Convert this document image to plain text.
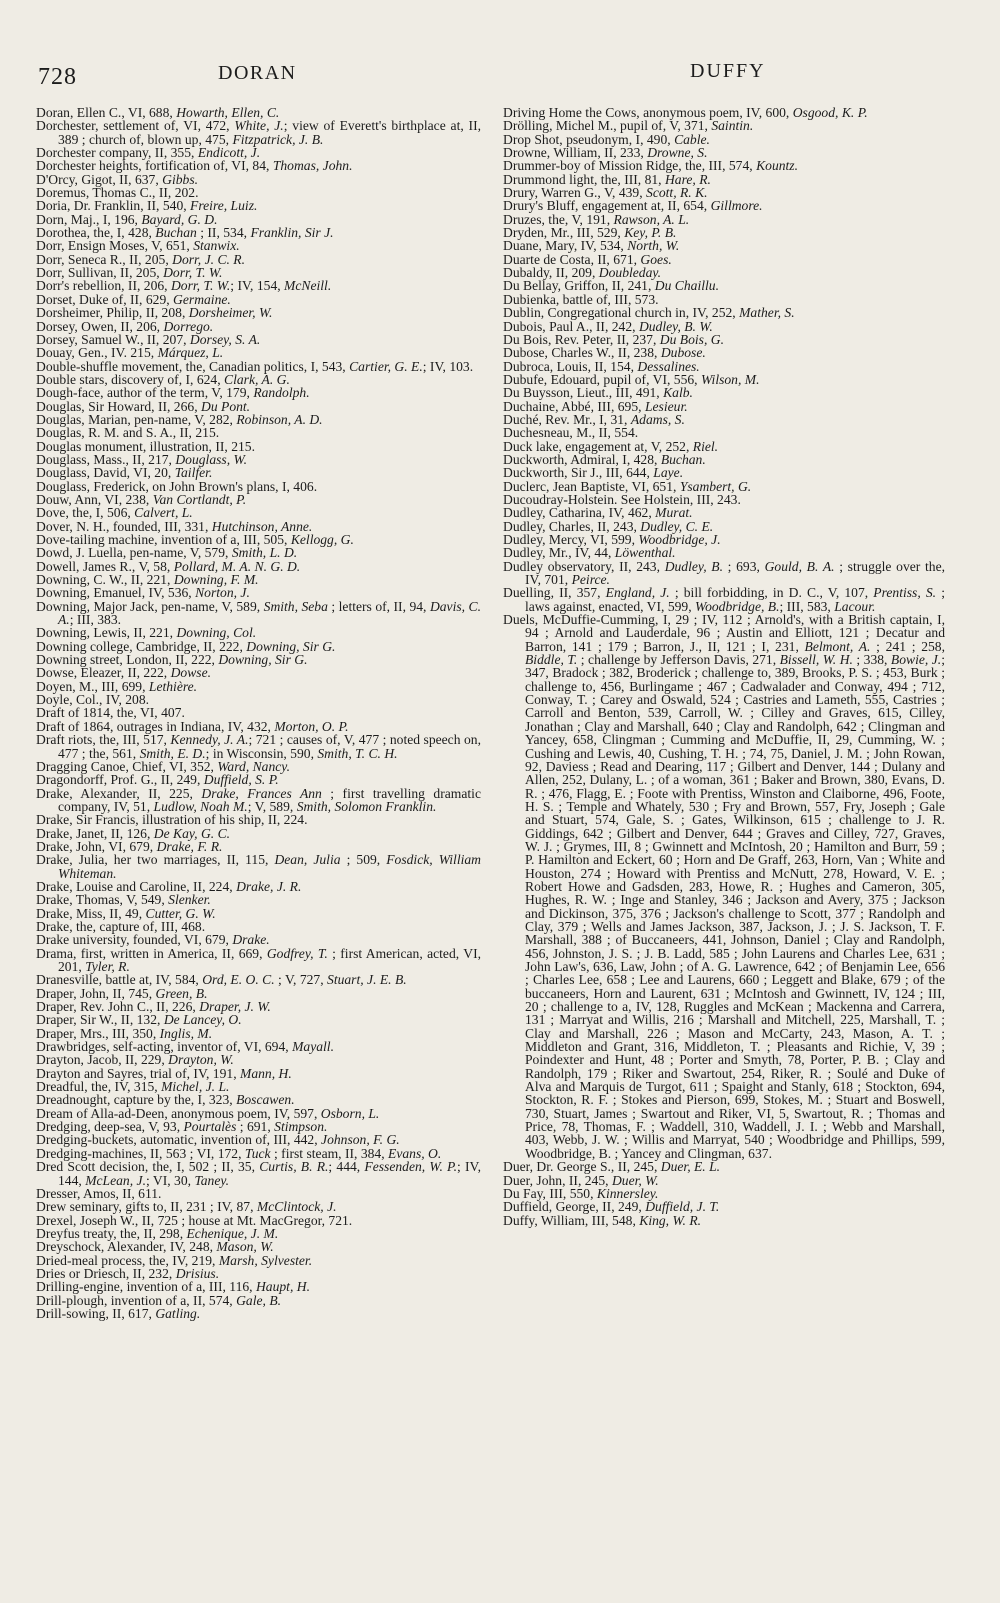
728	DORAN	DUFFY
Doran, Ellen C., VI, 688, Howarth, Ellen, C.
Dorchester, settlement of, VI, 472, White, J.; view of Everett's birthplace at, II, 389 ; church of, blown up, 475, Fitzpatrick, J. B.
Dorchester company, II, 355, Endicott, J.
Dorchester heights, fortification of, VI, 84, Thomas, John.
D'Orcy, Gigot, II, 637, Gibbs.
Doremus, Thomas C., II, 202.
Doria, Dr. Franklin, II, 540, Freire, Luiz.
Dorn, Maj., I, 196, Bayard, G. D.
Dorothea, the, I, 428, Buchan ; II, 534, Franklin, Sir J.
Dorr, Ensign Moses, V, 651, Stanwix.
Dorr, Seneca R., II, 205, Dorr, J. C. R.
Dorr, Sullivan, II, 205, Dorr, T. W.
Dorr's rebellion, II, 206, Dorr, T. W.; IV, 154, McNeill.
Dorset, Duke of, II, 629, Germaine.
Dorsheimer, Philip, II, 208, Dorsheimer, W.
Dorsey, Owen, II, 206, Dorrego.
Dorsey, Samuel W., II, 207, Dorsey, S. A.
Douay, Gen., IV. 215, Márquez, L.
Double-shuffle movement, the, Canadian politics, I, 543, Cartier, G. E.; IV, 103.
Double stars, discovery of, I, 624, Clark, A. G.
Dough-face, author of the term, V, 179, Randolph.
Douglas, Sir Howard, II, 266, Du Pont.
Douglas, Marian, pen-name, V, 282, Robinson, A. D.
Douglas, R. M. and S. A., II, 215.
Douglas monument, illustration, II, 215.
Douglass, Mass., II, 217, Douglass, W.
Douglass, David, VI, 20, Tailfer.
Douglass, Frederick, on John Brown's plans, I, 406.
Douw, Ann, VI, 238, Van Cortlandt, P.
Dove, the, I, 506, Calvert, L.
Dover, N. H., founded, III, 331, Hutchinson, Anne.
Dove-tailing machine, invention of a, III, 505, Kellogg, G.
Dowd, J. Luella, pen-name, V, 579, Smith, L. D.
Dowell, James R., V, 58, Pollard, M. A. N. G. D.
Downing, C. W., II, 221, Downing, F. M.
Downing, Emanuel, IV, 536, Norton, J.
Downing, Major Jack, pen-name, V, 589, Smith, Seba ; letters of, II, 94, Davis, C. A.; III, 383.
Downing, Lewis, II, 221, Downing, Col.
Downing college, Cambridge, II, 222, Downing, Sir G.
Downing street, London, II, 222, Downing, Sir G.
Dowse, Eleazer, II, 222, Dowse.
Doyen, M., III, 699, Lethière.
Doyle, Col., IV, 208.
Draft of 1814, the, VI, 407.
Draft of 1864, outrages in Indiana, IV, 432, Morton, O. P.
Draft riots, the, III, 517, Kennedy, J. A.; 721 ; causes of, V, 477 ; noted speech on, 477 ; the, 561, Smith, E. D.; in Wisconsin, 590, Smith, T. C. H.
Dragging Canoe, Chief, VI, 352, Ward, Nancy.
Dragondorff, Prof. G., II, 249, Duffield, S. P.
Drake, Alexander, II, 225, Drake, Frances Ann ; first travelling dramatic company, IV, 51, Ludlow, Noah M.; V, 589, Smith, Solomon Franklin.
Drake, Sir Francis, illustration of his ship, II, 224.
Drake, Janet, II, 126, De Kay, G. C.
Drake, John, VI, 679, Drake, F. R.
Drake, Julia, her two marriages, II, 115, Dean, Julia ; 509, Fosdick, William Whiteman.
Drake, Louise and Caroline, II, 224, Drake, J. R.
Drake, Thomas, V, 549, Slenker.
Drake, Miss, II, 49, Cutter, G. W.
Drake, the, capture of, III, 468.
Drake university, founded, VI, 679, Drake.
Drama, first, written in America, II, 669, Godfrey, T. ; first American, acted, VI, 201, Tyler, R.
Dranesville, battle at, IV, 584, Ord, E. O. C. ; V, 727, Stuart, J. E. B.
Draper, John, II, 745, Green, B.
Draper, Rev. John C., II, 226, Draper, J. W.
Draper, Sir W., II, 132, De Lancey, O.
Draper, Mrs., III, 350, Inglis, M.
Drawbridges, self-acting, inventor of, VI, 694, Mayall.
Drayton, Jacob, II, 229, Drayton, W.
Drayton and Sayres, trial of, IV, 191, Mann, H.
Dreadful, the, IV, 315, Michel, J. L.
Dreadnought, capture by the, I, 323, Boscawen.
Dream of Alla-ad-Deen, anonymous poem, IV, 597, Osborn, L.
Dredging, deep-sea, V, 93, Pourtalès ; 691, Stimpson.
Dredging-buckets, automatic, invention of, III, 442, Johnson, F. G.
Dredging-machines, II, 563 ; VI, 172, Tuck ; first steam, II, 384, Evans, O.
Dred Scott decision, the, I, 502 ; II, 35, Curtis, B. R.; 444, Fessenden, W. P.; IV, 144, McLean, J.; VI, 30, Taney.
Dresser, Amos, II, 611.
Drew seminary, gifts to, II, 231 ; IV, 87, McClintock, J.
Drexel, Joseph W., II, 725 ; house at Mt. MacGregor, 721.
Dreyfus treaty, the, II, 298, Echenique, J. M.
Dreyschock, Alexander, IV, 248, Mason, W.
Dried-meal process, the, IV, 219, Marsh, Sylvester.
Dries or Driesch, II, 232, Drisius.
Drilling-engine, invention of a, III, 116, Haupt, H.
Drill-plough, invention of a, II, 574, Gale, B.
Drill-sowing, II, 617, Gatling.
Driving Home the Cows, anonymous poem, IV, 600, Osgood, K. P.
Drölling, Michel M., pupil of, V, 371, Saintin.
Drop Shot, pseudonym, I, 490, Cable.
Drowne, William, II, 233, Drowne, S.
Drummer-boy of Mission Ridge, the, III, 574, Kountz.
Drummond light, the, III, 81, Hare, R.
Drury, Warren G., V, 439, Scott, R. K.
Drury's Bluff, engagement at, II, 654, Gillmore.
Druzes, the, V, 191, Rawson, A. L.
Dryden, Mr., III, 529, Key, P. B.
Duane, Mary, IV, 534, North, W.
Duarte de Costa, II, 671, Goes.
Dubaldy, II, 209, Doubleday.
Du Bellay, Griffon, II, 241, Du Chaillu.
Dubienka, battle of, III, 573.
Dublin, Congregational church in, IV, 252, Mather, S.
Dubois, Paul A., II, 242, Dudley, B. W.
Du Bois, Rev. Peter, II, 237, Du Bois, G.
Dubose, Charles W., II, 238, Dubose.
Dubroca, Louis, II, 154, Dessalines.
Dubufe, Edouard, pupil of, VI, 556, Wilson, M.
Du Buysson, Lieut., III, 491, Kalb.
Duchaine, Abbé, III, 695, Lesieur.
Duché, Rev. Mr., I, 31, Adams, S.
Duchesneau, M., II, 554.
Duck lake, engagement at, V, 252, Riel.
Duckworth, Admiral, I, 428, Buchan.
Duckworth, Sir J., III, 644, Laye.
Duclerc, Jean Baptiste, VI, 651, Ysambert, G.
Ducoudray-Holstein. See Holstein, III, 243.
Dudley, Catharina, IV, 462, Murat.
Dudley, Charles, II, 243, Dudley, C. E.
Dudley, Mercy, VI, 599, Woodbridge, J.
Dudley, Mr., IV, 44, Löwenthal.
Dudley observatory, II, 243, Dudley, B. ; 693, Gould, B. A. ; struggle over the, IV, 701, Peirce.
Duelling, II, 357, England, J. ; bill forbidding, in D. C., V, 107, Prentiss, S. ; laws against, enacted, VI, 599, Woodbridge, B.; III, 583, Lacour.
Duels, McDuffie-Cumming, I, 29 ; IV, 112 ; Arnold's, with a British captain, I, 94 ; Arnold and Lauderdale, 96 ; Austin and Elliott, 121 ; Decatur and Barron, 141 ; 179 ; Barron, J., II, 121 ; I, 231, Belmont, A. ; 241 ; 258, Biddle, T. ; challenge by Jefferson Davis, 271, Bissell, W. H. ; 338, Bowie, J.; 347, Bradock ; 382, Broderick ; challenge to, 389, Brooks, P. S. ; 453, Burk ; challenge to, 456, Burlingame ; 467 ; Cadwalader and Conway, 494 ; 712, Conway, T. ; Carey and Oswald, 524 ; Castries and Lameth, 555, Castries ; Carroll and Benton, 539, Carroll, W. ; Cilley and Graves, 615, Cilley, Jonathan ; Clay and Marshall, 640 ; Clay and Randolph, 642 ; Clingman and Yancey, 658, Clingman ; Cumming and McDuffie, II, 29, Cumming, W. ; Cushing and Lewis, 40, Cushing, T. H. ; 74, 75, Daniel, J. M. ; John Rowan, 92, Daviess ; Read and Dearing, 117 ; Gilbert and Denver, 144 ; Dulany and Allen, 252, Dulany, L. ; of a woman, 361 ; Baker and Brown, 380, Evans, D. R. ; 476, Flagg, E. ; Foote with Prentiss, Winston and Claiborne, 496, Foote, H. S. ; Temple and Whately, 530 ; Fry and Brown, 557, Fry, Joseph ; Gale and Stuart, 574, Gale, S. ; Gates, Wilkinson, 615 ; challenge to J. R. Giddings, 642 ; Gilbert and Denver, 644 ; Graves and Cilley, 727, Graves, W. J. ; Grymes, III, 8 ; Gwinnett and McIntosh, 20 ; Hamilton and Burr, 59 ; P. Hamilton and Eckert, 60 ; Horn and De Graff, 263, Horn, Van ; White and Houston, 274 ; Howard with Prentiss and McNutt, 278, Howard, V. E. ; Robert Howe and Gadsden, 283, Howe, R. ; Hughes and Cameron, 305, Hughes, R. W. ; Inge and Stanley, 346 ; Jackson and Avery, 375 ; Jackson and Dickinson, 375, 376 ; Jackson's challenge to Scott, 377 ; Randolph and Clay, 379 ; Wells and James Jackson, 387, Jackson, J. ; J. S. Jackson, T. F. Marshall, 388 ; of Buccaneers, 441, Johnson, Daniel ; Clay and Randolph, 456, Johnston, J. S. ; J. B. Ladd, 585 ; John Laurens and Charles Lee, 631 ; John Law's, 636, Law, John ; of A. G. Lawrence, 642 ; of Benjamin Lee, 656 ; Charles Lee, 658 ; Lee and Laurens, 660 ; Leggett and Blake, 679 ; of the buccaneers, Horn and Laurent, 631 ; McIntosh and Gwinnett, IV, 124 ; III, 20 ; challenge to a, IV, 128, Ruggles and McKean ; Mackenna and Carrera, 131 ; Marryat and Willis, 216 ; Marshall and Mitchell, 225, Marshall, T. ; Clay and Marshall, 226 ; Mason and McCarty, 243, Mason, A. T. ; Middleton and Grant, 316, Middleton, T. ; Pleasants and Richie, V, 39 ; Poindexter and Hunt, 48 ; Porter and Smyth, 78, Porter, P. B. ; Clay and Randolph, 179 ; Riker and Swartout, 254, Riker, R. ; Soulé and Duke of Alva and Marquis de Turgot, 611 ; Spaight and Stanly, 618 ; Stockton, 694, Stockton, R. F. ; Stokes and Pierson, 699, Stokes, M. ; Stuart and Boswell, 730, Stuart, James ; Swartout and Riker, VI, 5, Swartout, R. ; Thomas and Price, 78, Thomas, F. ; Waddell, 310, Waddell, J. I. ; Webb and Marshall, 403, Webb, J. W. ; Willis and Marryat, 540 ; Woodbridge and Phillips, 599, Woodbridge, B. ; Yancey and Clingman, 637.
Duer, Dr. George S., II, 245, Duer, E. L.
Duer, John, II, 245, Duer, W.
Du Fay, III, 550, Kinnersley.
Duffield, George, II, 249, Duffield, J. T.
Duffy, William, III, 548, King, W. R.
